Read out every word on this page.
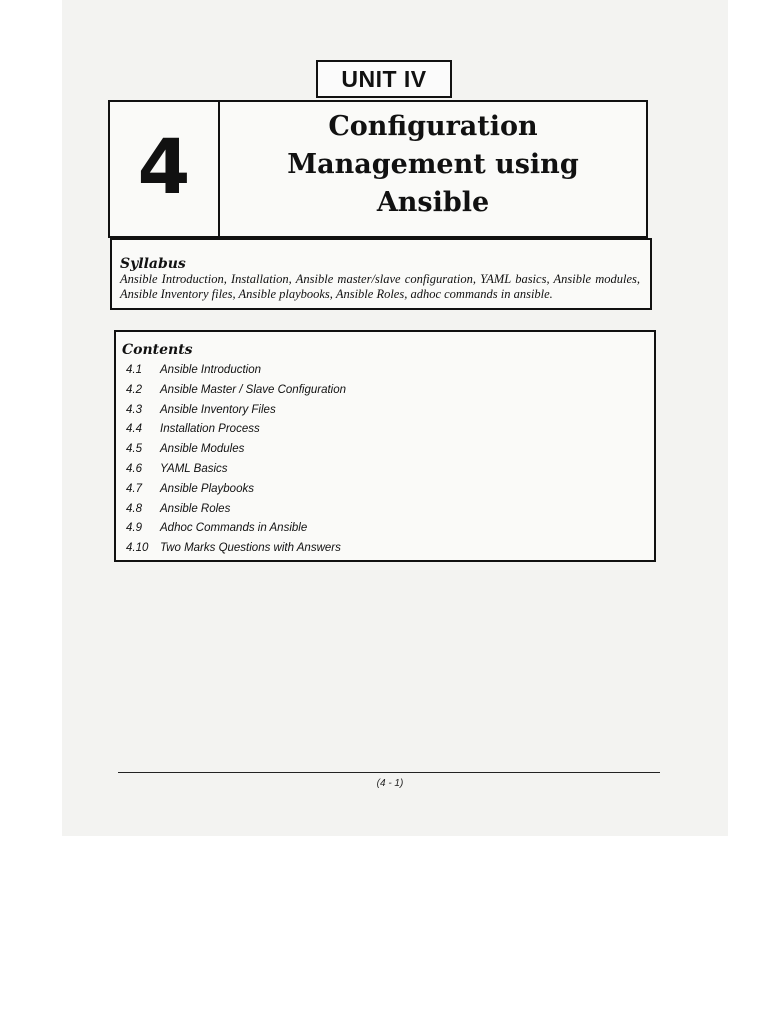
UNIT IV
4	Configuration
Management using
Ansible
Syllabus
Ansible Introduction, Installation, Ansible master/slave configuration, YAML basics, Ansible modules, Ansible Inventory files, Ansible playbooks, Ansible Roles, adhoc commands in ansible.
Contents
4.1 Ansible Introduction
4.2 Ansible Master / Slave Configuration
4.3 Ansible Inventory Files
4.4 Installation Process
4.5 Ansible Modules
4.6 YAML Basics
4.7 Ansible Playbooks
4.8 Ansible Roles
4.9 Adhoc Commands in Ansible
4.10 Two Marks Questions with Answers
(4 - 1)
